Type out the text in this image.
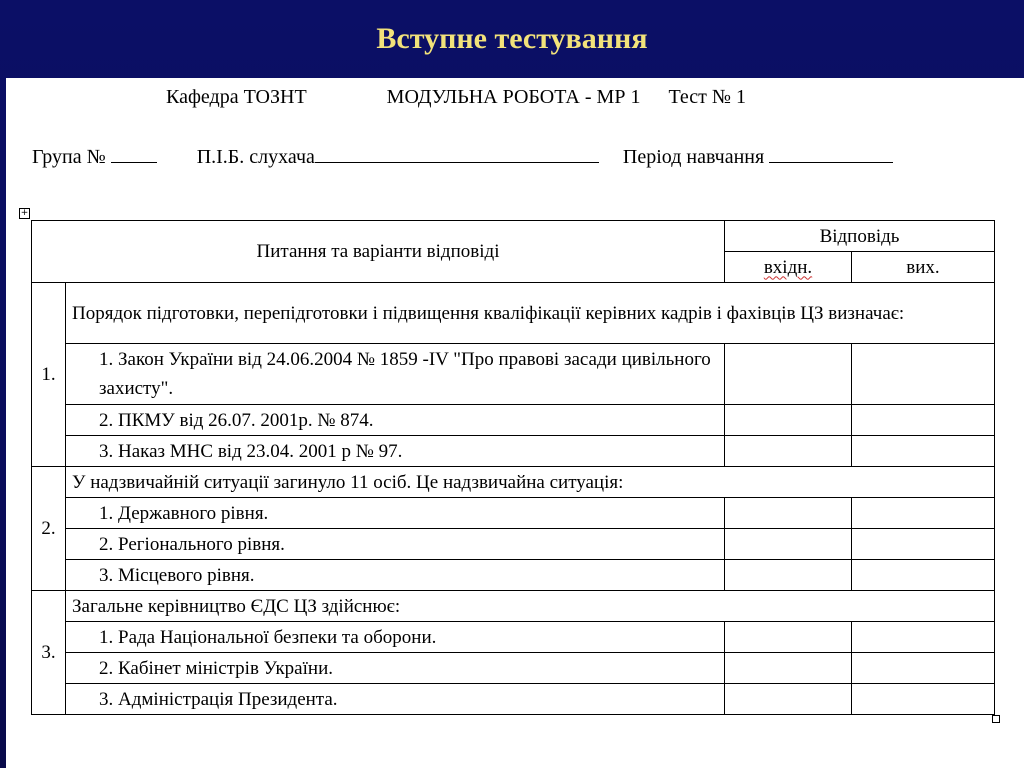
Вступне тестування
Кафедра ТОЗНТ	МОДУЛЬНА РОБОТА - МР 1 Тест № 1
Група №	П.І.Б. слухача	Період навчання
+
Питання та варіанти відповіді		Відповідь	
		вхідн.	вих.
1.	Порядок підготовки, перепідготовки і підвищення кваліфікації керівних кадрів і фахівців ЦЗ визначає:		
	1. Закон України від 24.06.2004 № 1859 -IV "Про правові засади цивільного захисту".		
	2. ПКМУ від 26.07. 2001р. № 874.		
	3. Наказ МНС від 23.04. 2001 р № 97.		
2.	У надзвичайній ситуації загинуло 11 осіб. Це надзвичайна ситуація:		
	1. Державного рівня.		
	2. Регіонального рівня.		
	3. Місцевого рівня.		
3.	Загальне керівництво ЄДС ЦЗ здійснює:		
	1. Рада Національної безпеки та оборони.		
	2. Кабінет міністрів України.		
	3. Адміністрація Президента.		
